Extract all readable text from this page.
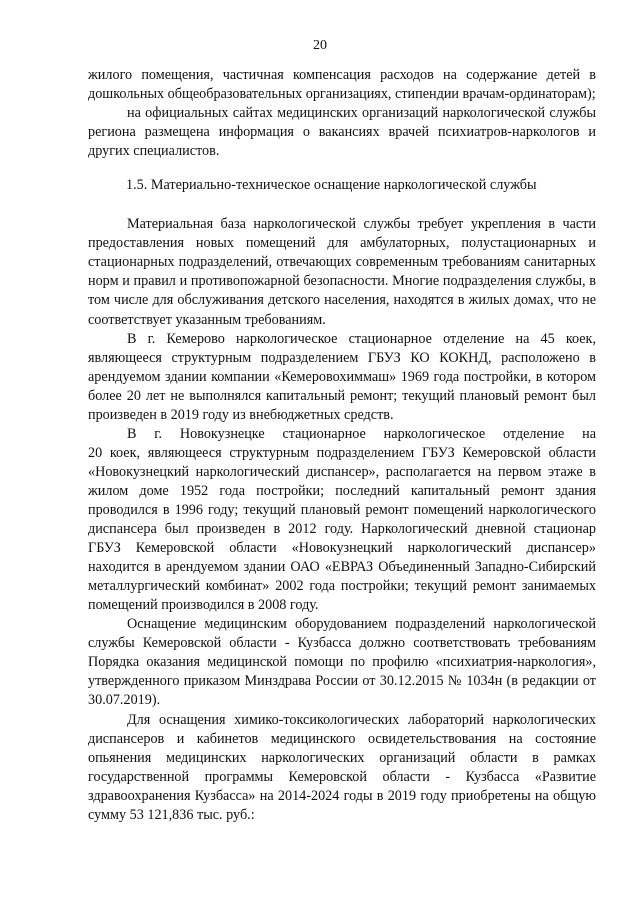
20

жилого помещения, частичная компенсация расходов на содержание детей в дошкольных общеобразовательных организациях, стипендии врачам-ординаторам);

на официальных сайтах медицинских организаций наркологической службы региона размещена информация о вакансиях врачей психиатров-наркологов и других специалистов.

1.5. Материально-техническое оснащение наркологической службы

Материальная база наркологической службы требует укрепления в части предоставления новых помещений для амбулаторных, полустационарных и стационарных подразделений, отвечающих современным требованиям санитарных норм и правил и противопожарной безопасности. Многие подразделения службы, в том числе для обслуживания детского населения, находятся в жилых домах, что не соответствует указанным требованиям.

В г. Кемерово наркологическое стационарное отделение на 45 коек, являющееся структурным подразделением ГБУЗ КО КОКНД, расположено в арендуемом здании компании «Кемеровохиммаш» 1969 года постройки, в котором более 20 лет не выполнялся капитальный ремонт; текущий плановый ремонт был произведен в 2019 году из внебюджетных средств.

В г. Новокузнецке стационарное наркологическое отделение на

20 коек, являющееся структурным подразделением ГБУЗ Кемеровской области «Новокузнецкий наркологический диспансер», располагается на первом этаже в жилом доме 1952 года постройки; последний капитальный ремонт здания проводился в 1996 году; текущий плановый ремонт помещений наркологического диспансера был произведен в 2012 году. Наркологический дневной стационар ГБУЗ Кемеровской области «Новокузнецкий наркологический диспансер» находится в арендуемом здании ОАО «ЕВРАЗ Объединенный Западно-Сибирский металлургический комбинат» 2002 года постройки; текущий ремонт занимаемых помещений производился в 2008 году.

Оснащение медицинским оборудованием подразделений наркологической службы Кемеровской области - Кузбасса должно соответствовать требованиям Порядка оказания медицинской помощи по профилю «психиатрия-наркология», утвержденного приказом Минздрава России от 30.12.2015 № 1034н (в редакции от 30.07.2019).

Для оснащения химико-токсикологических лабораторий наркологических диспансеров и кабинетов медицинского освидетельствования на состояние опьянения медицинских наркологических организаций области в рамках государственной программы Кемеровской области - Кузбасса «Развитие здравоохранения Кузбасса» на 2014-2024 годы в 2019 году приобретены на общую сумму 53 121,836 тыс. руб.:
